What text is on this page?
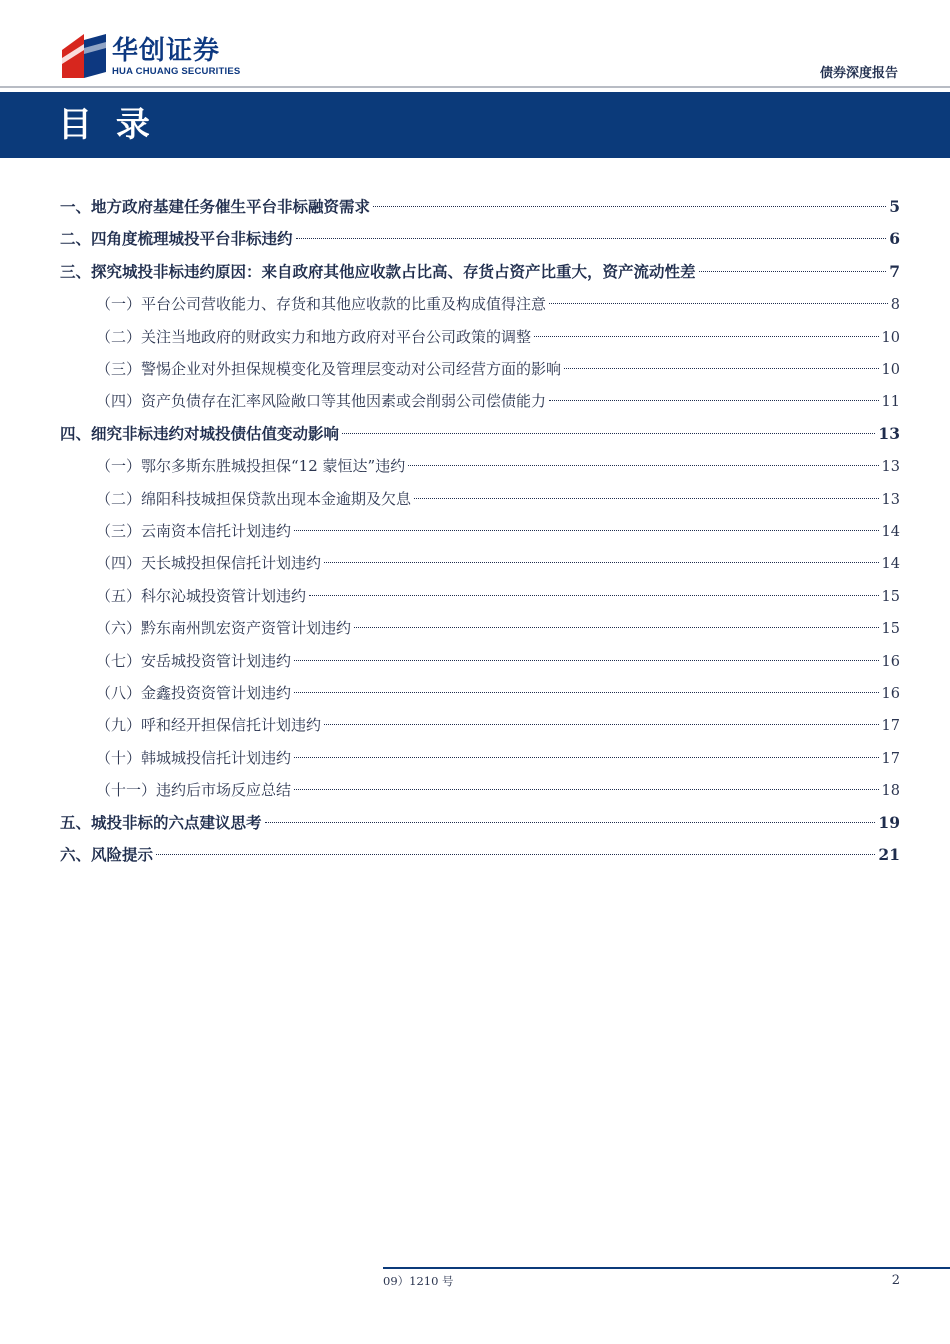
华创证券
HUA CHUANG SECURITIES	债券深度报告
目 录
一、地方政府基建任务催生平台非标融资需求	5
二、四角度梳理城投平台非标违约	6
三、探究城投非标违约原因：来自政府其他应收款占比高、存货占资产比重大，资产流动性差	7
（一）平台公司营收能力、存货和其他应收款的比重及构成值得注意	8
（二）关注当地政府的财政实力和地方政府对平台公司政策的调整	10
（三）警惕企业对外担保规模变化及管理层变动对公司经营方面的影响	10
（四）资产负债存在汇率风险敞口等其他因素或会削弱公司偿债能力	11
四、细究非标违约对城投债估值变动影响	13
（一）鄂尔多斯东胜城投担保“12 蒙恒达”违约	13
（二）绵阳科技城担保贷款出现本金逾期及欠息	13
（三）云南资本信托计划违约	14
（四）天长城投担保信托计划违约	14
（五）科尔沁城投资管计划违约	15
（六）黔东南州凯宏资产资管计划违约	15
（七）安岳城投资管计划违约	16
（八）金鑫投资资管计划违约	16
（九）呼和经开担保信托计划违约	17
（十）韩城城投信托计划违约	17
（十一）违约后市场反应总结	18
五、城投非标的六点建议思考	19
六、风险提示	21
09）1210 号	2
